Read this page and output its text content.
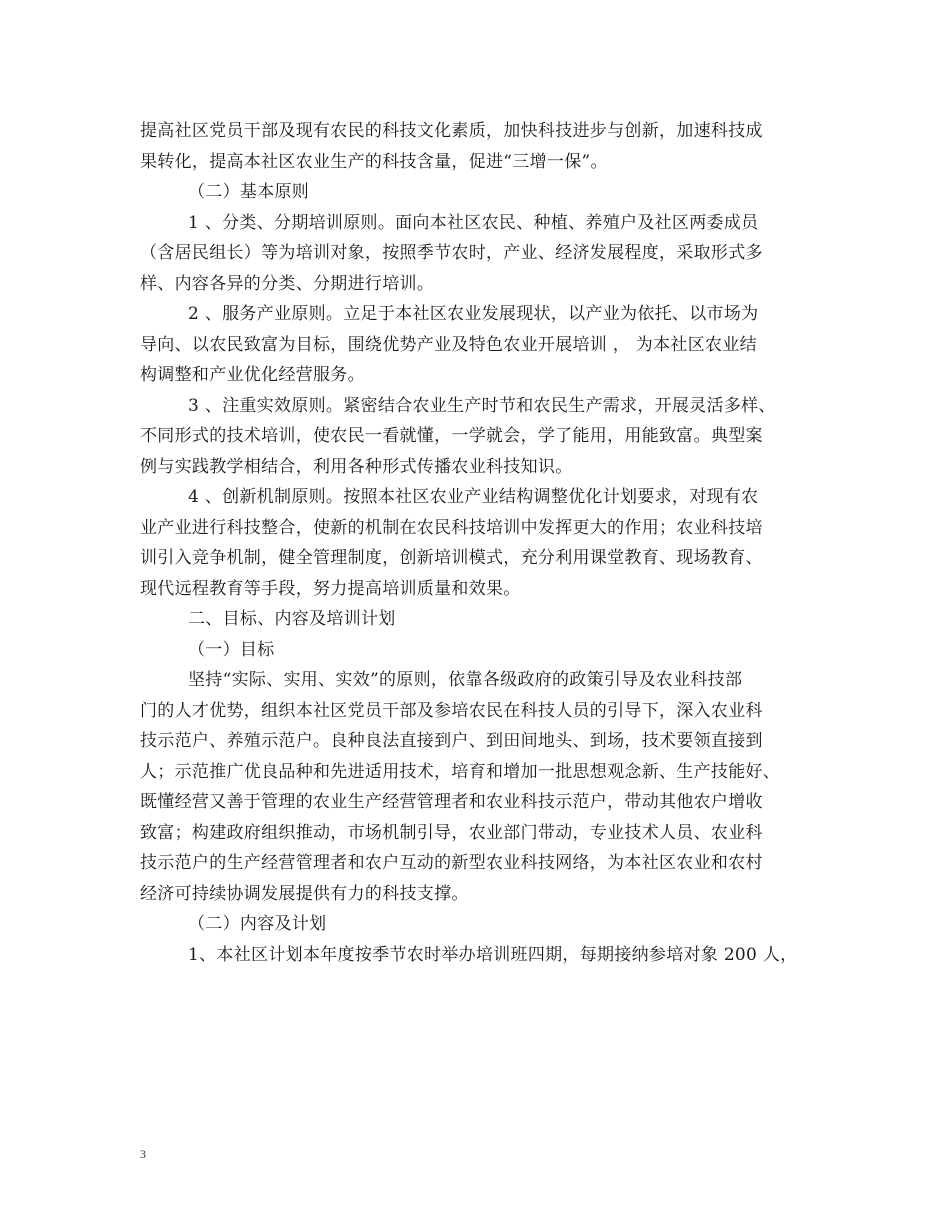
提高社区党员干部及现有农民的科技文化素质，加快科技进步与创新，加速科技成
果转化，提高本社区农业生产的科技含量，促进“三增一保”。
（二）基本原则
1 、分类、分期培训原则。面向本社区农民、种植、养殖户及社区两委成员
（含居民组长）等为培训对象，按照季节农时，产业、经济发展程度，采取形式多
样、内容各异的分类、分期进行培训。
2 、服务产业原则。立足于本社区农业发展现状，以产业为依托、以市场为
导向、以农民致富为目标，围绕优势产业及特色农业开展培训 ， 为本社区农业结
构调整和产业优化经营服务。
3 、注重实效原则。紧密结合农业生产时节和农民生产需求，开展灵活多样、
不同形式的技术培训，使农民一看就懂，一学就会，学了能用，用能致富。典型案
例与实践教学相结合，利用各种形式传播农业科技知识。
4 、创新机制原则。按照本社区农业产业结构调整优化计划要求，对现有农
业产业进行科技整合，使新的机制在农民科技培训中发挥更大的作用；农业科技培
训引入竞争机制，健全管理制度，创新培训模式，充分利用课堂教育、现场教育、
现代远程教育等手段，努力提高培训质量和效果。
二、目标、内容及培训计划
（一）目标
坚持“实际、实用、实效”的原则，依靠各级政府的政策引导及农业科技部
门的人才优势，组织本社区党员干部及参培农民在科技人员的引导下，深入农业科
技示范户、养殖示范户。良种良法直接到户、到田间地头、到场，技术要领直接到
人；示范推广优良品种和先进适用技术，培育和增加一批思想观念新、生产技能好、
既懂经营又善于管理的农业生产经营管理者和农业科技示范户，带动其他农户增收
致富；构建政府组织推动，市场机制引导，农业部门带动，专业技术人员、农业科
技示范户的生产经营管理者和农户互动的新型农业科技网络，为本社区农业和农村
经济可持续协调发展提供有力的科技支撑。
（二）内容及计划
1、本社区计划本年度按季节农时举办培训班四期，每期接纳参培对象 200 人，
3
